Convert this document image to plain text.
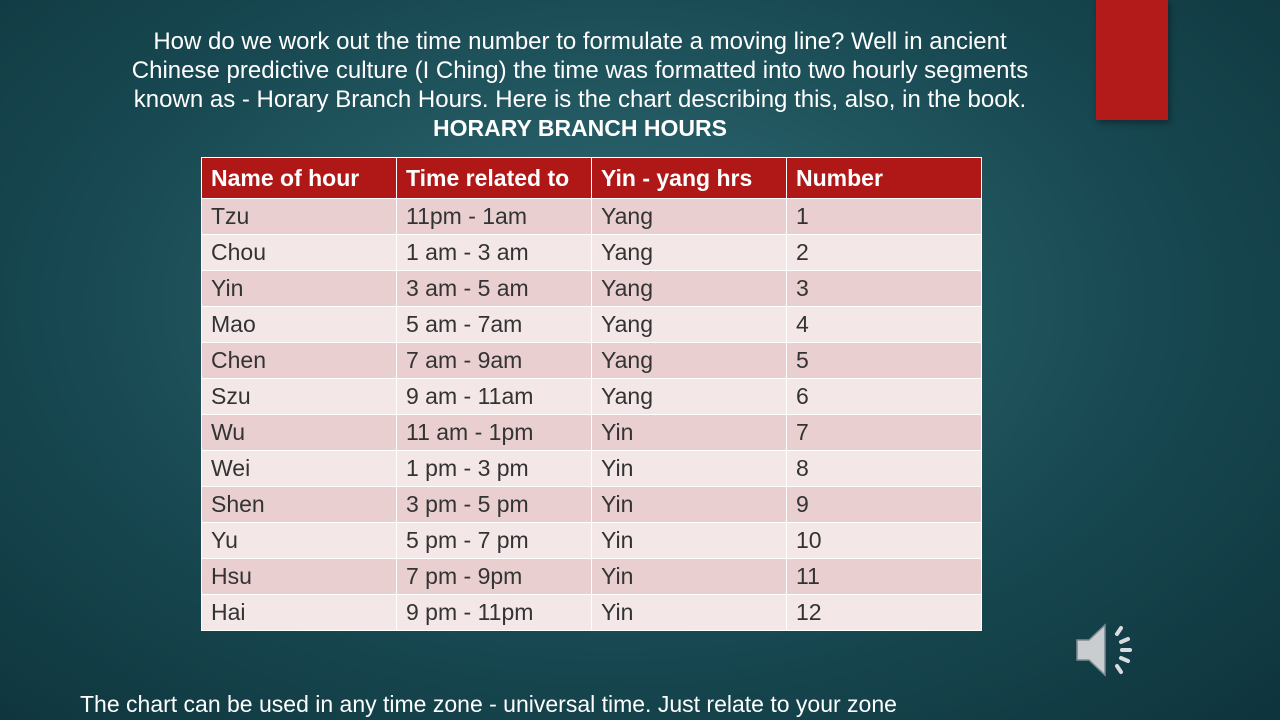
How do we work out the time number to formulate a moving line? Well in ancient
Chinese predictive culture (I Ching) the time was formatted into two hourly segments
known as - Horary Branch Hours. Here is the chart describing this, also, in the book.
HORARY BRANCH HOURS
Name of hour	Time related to	Yin - yang hrs	Number
Tzu	11pm - 1am	Yang	1
Chou	1 am - 3 am	Yang	2
Yin	3 am - 5 am	Yang	3
Mao	5 am - 7am	Yang	4
Chen	7 am - 9am	Yang	5
Szu	9 am - 11am	Yang	6
Wu	11 am - 1pm	Yin	7
Wei	1 pm - 3 pm	Yin	8
Shen	3 pm - 5 pm	Yin	9
Yu	5 pm - 7 pm	Yin	10
Hsu	7 pm - 9pm	Yin	11
Hai	9 pm - 11pm	Yin	12
The chart can be used in any time zone - universal time. Just relate to your zone
